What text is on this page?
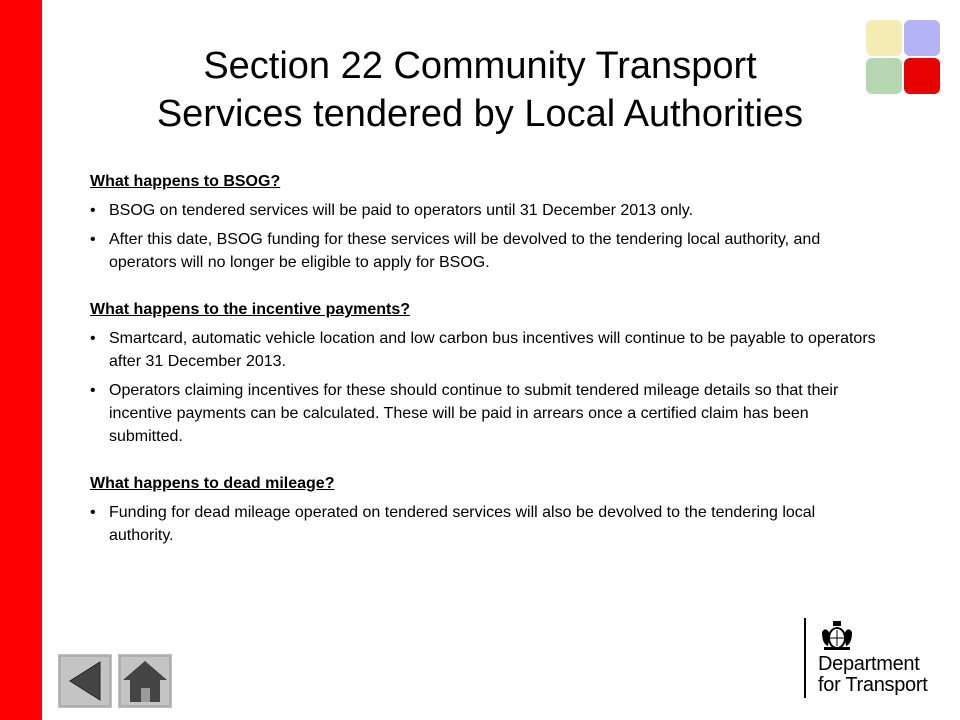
Section 22 Community Transport
Services tendered by Local Authorities
What happens to BSOG?
• BSOG on tendered services will be paid to operators until 31 December 2013 only.
• After this date, BSOG funding for these services will be devolved to the tendering local authority, and operators will no longer be eligible to apply for BSOG.
What happens to the incentive payments?
• Smartcard, automatic vehicle location and low carbon bus incentives will continue to be payable to operators after 31 December 2013.
• Operators claiming incentives for these should continue to submit tendered mileage details so that their incentive payments can be calculated. These will be paid in arrears once a certified claim has been submitted.
What happens to dead mileage?
• Funding for dead mileage operated on tendered services will also be devolved to the tendering local authority.
Department
for Transport
